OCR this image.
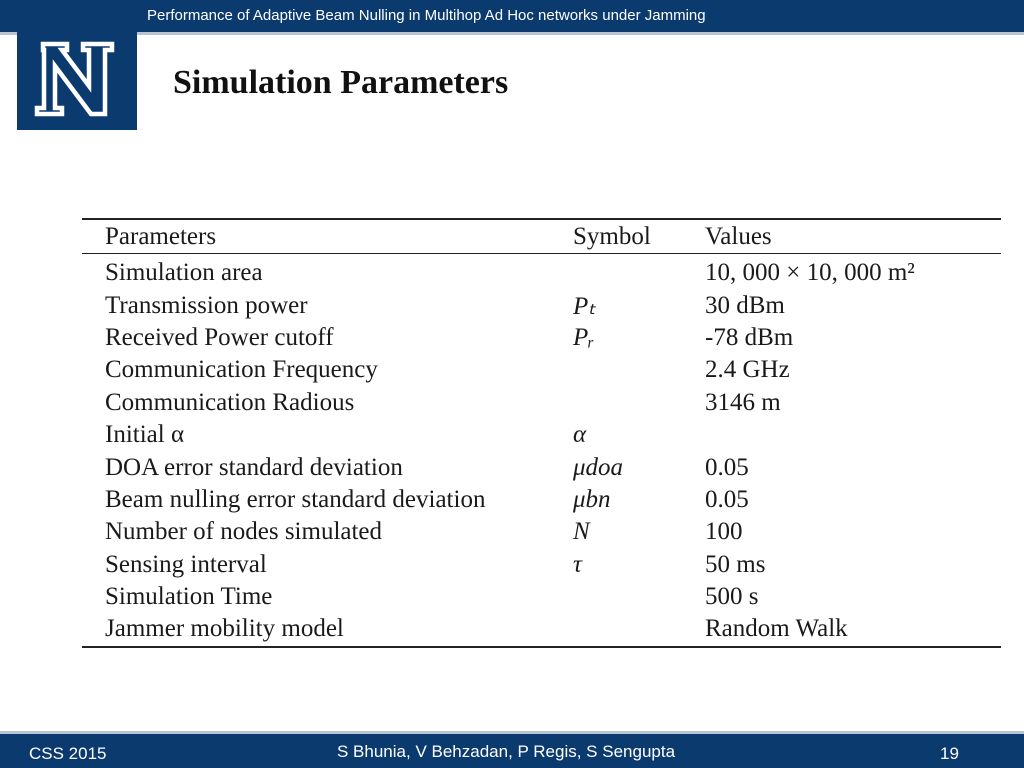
Performance of Adaptive Beam Nulling in Multihop Ad Hoc networks under Jamming
Simulation Parameters
Parameters	Symbol	Values
Simulation area		10, 000 × 10, 000 m²
Transmission power	Pₜ	30 dBm
Received Power cutoff	Pᵣ	-78 dBm
Communication Frequency		2.4 GHz
Communication Radious		3146 m
Initial α	α	
DOA error standard deviation	μdoa	0.05
Beam nulling error standard deviation	μbn	0.05
Number of nodes simulated	N	100
Sensing interval	τ	50 ms
Simulation Time		500 s
Jammer mobility model		Random Walk
CSS 2015	S Bhunia, V Behzadan, P Regis, S Sengupta	19
